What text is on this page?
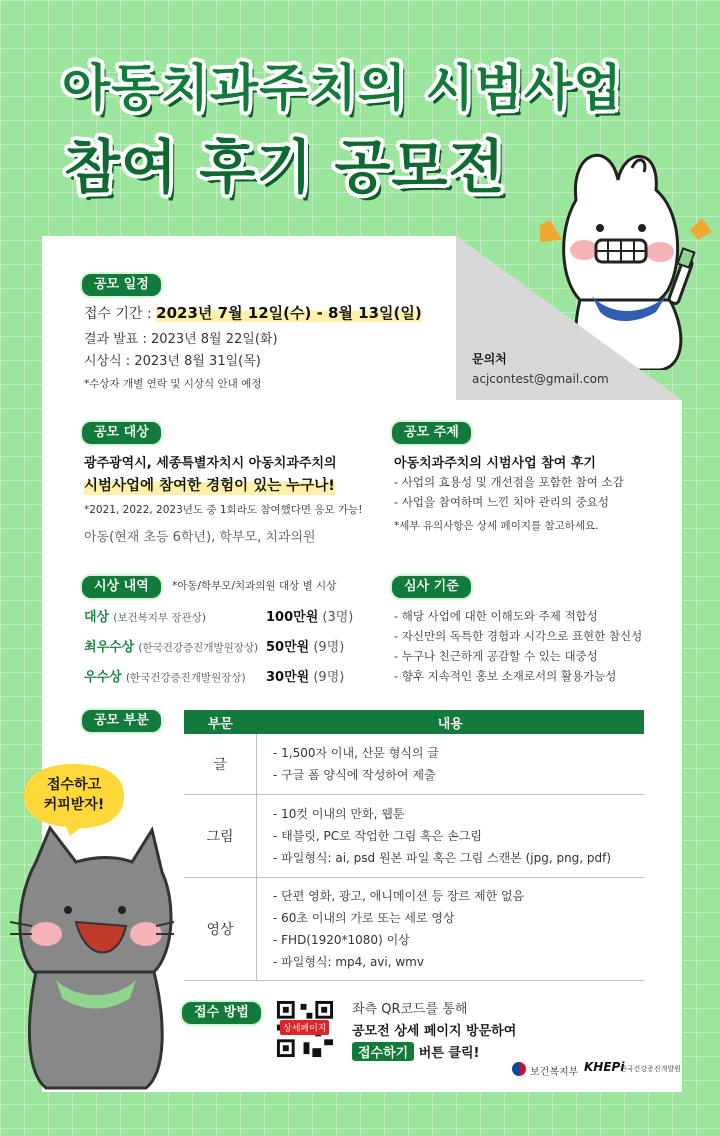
아동치과주치의 시범사업
참여 후기 공모전
공모 일정
접수 기간 : 2023년 7월 12일(수) - 8월 13일(일)
결과 발표 : 2023년 8월 22일(화)
시상식 : 2023년 8월 31일(목)
*수상자 개별 연락 및 시상식 안내 예정
문의처
acjcontest@gmail.com
공모 대상
광주광역시, 세종특별자치시 아동치과주치의
시범사업에 참여한 경험이 있는 누구나!
*2021, 2022, 2023년도 중 1회라도 참여했다면 응모 가능!
아동(현재 초등 6학년), 학부모, 치과의원
공모 주제
아동치과주치의 시범사업 참여 후기
- 사업의 효용성 및 개선점을 포함한 참여 소감
- 사업을 참여하며 느낀 치아 관리의 중요성
*세부 유의사항은 상세 페이지를 참고하세요.
시상 내역	*아동/학부모/치과의원 대상 별 시상
대상 (보건복지부 장관상)	100만원 (3명)
최우수상 (한국건강증진개발원장상) 50만원 (9명)
우수상 (한국건강증진개발원장상) 30만원 (9명)
심사 기준
- 해당 사업에 대한 이해도와 주제 적합성
- 자신만의 독특한 경험과 시각으로 표현한 참신성
- 누구나 친근하게 공감할 수 있는 대중성
- 향후 지속적인 홍보 소재로서의 활용가능성
공모 부분	부문	내용
글	- 1,500자 이내, 산문 형식의 글
- 구글 폼 양식에 작성하여 제출

그림	- 10컷 이내의 만화, 웹툰
- 태블릿, PC로 작업한 그림 혹은 손그림
- 파일형식: ai, psd 원본 파일 혹은 그림 스캔본 (jpg, png, pdf)

영상	- 단편 영화, 광고, 애니메이션 등 장르 제한 없음
- 60초 이내의 가로 또는 세로 영상
- FHD(1920*1080) 이상
- 파일형식: mp4, avi, wmv
접수하고
커피받자!
접수 방법
상세페이지
좌측 QR코드를 통해
공모전 상세 페이지 방문하여
접수하기 버튼 클릭!
보건복지부 KHEPi
한국건강증진개발원
